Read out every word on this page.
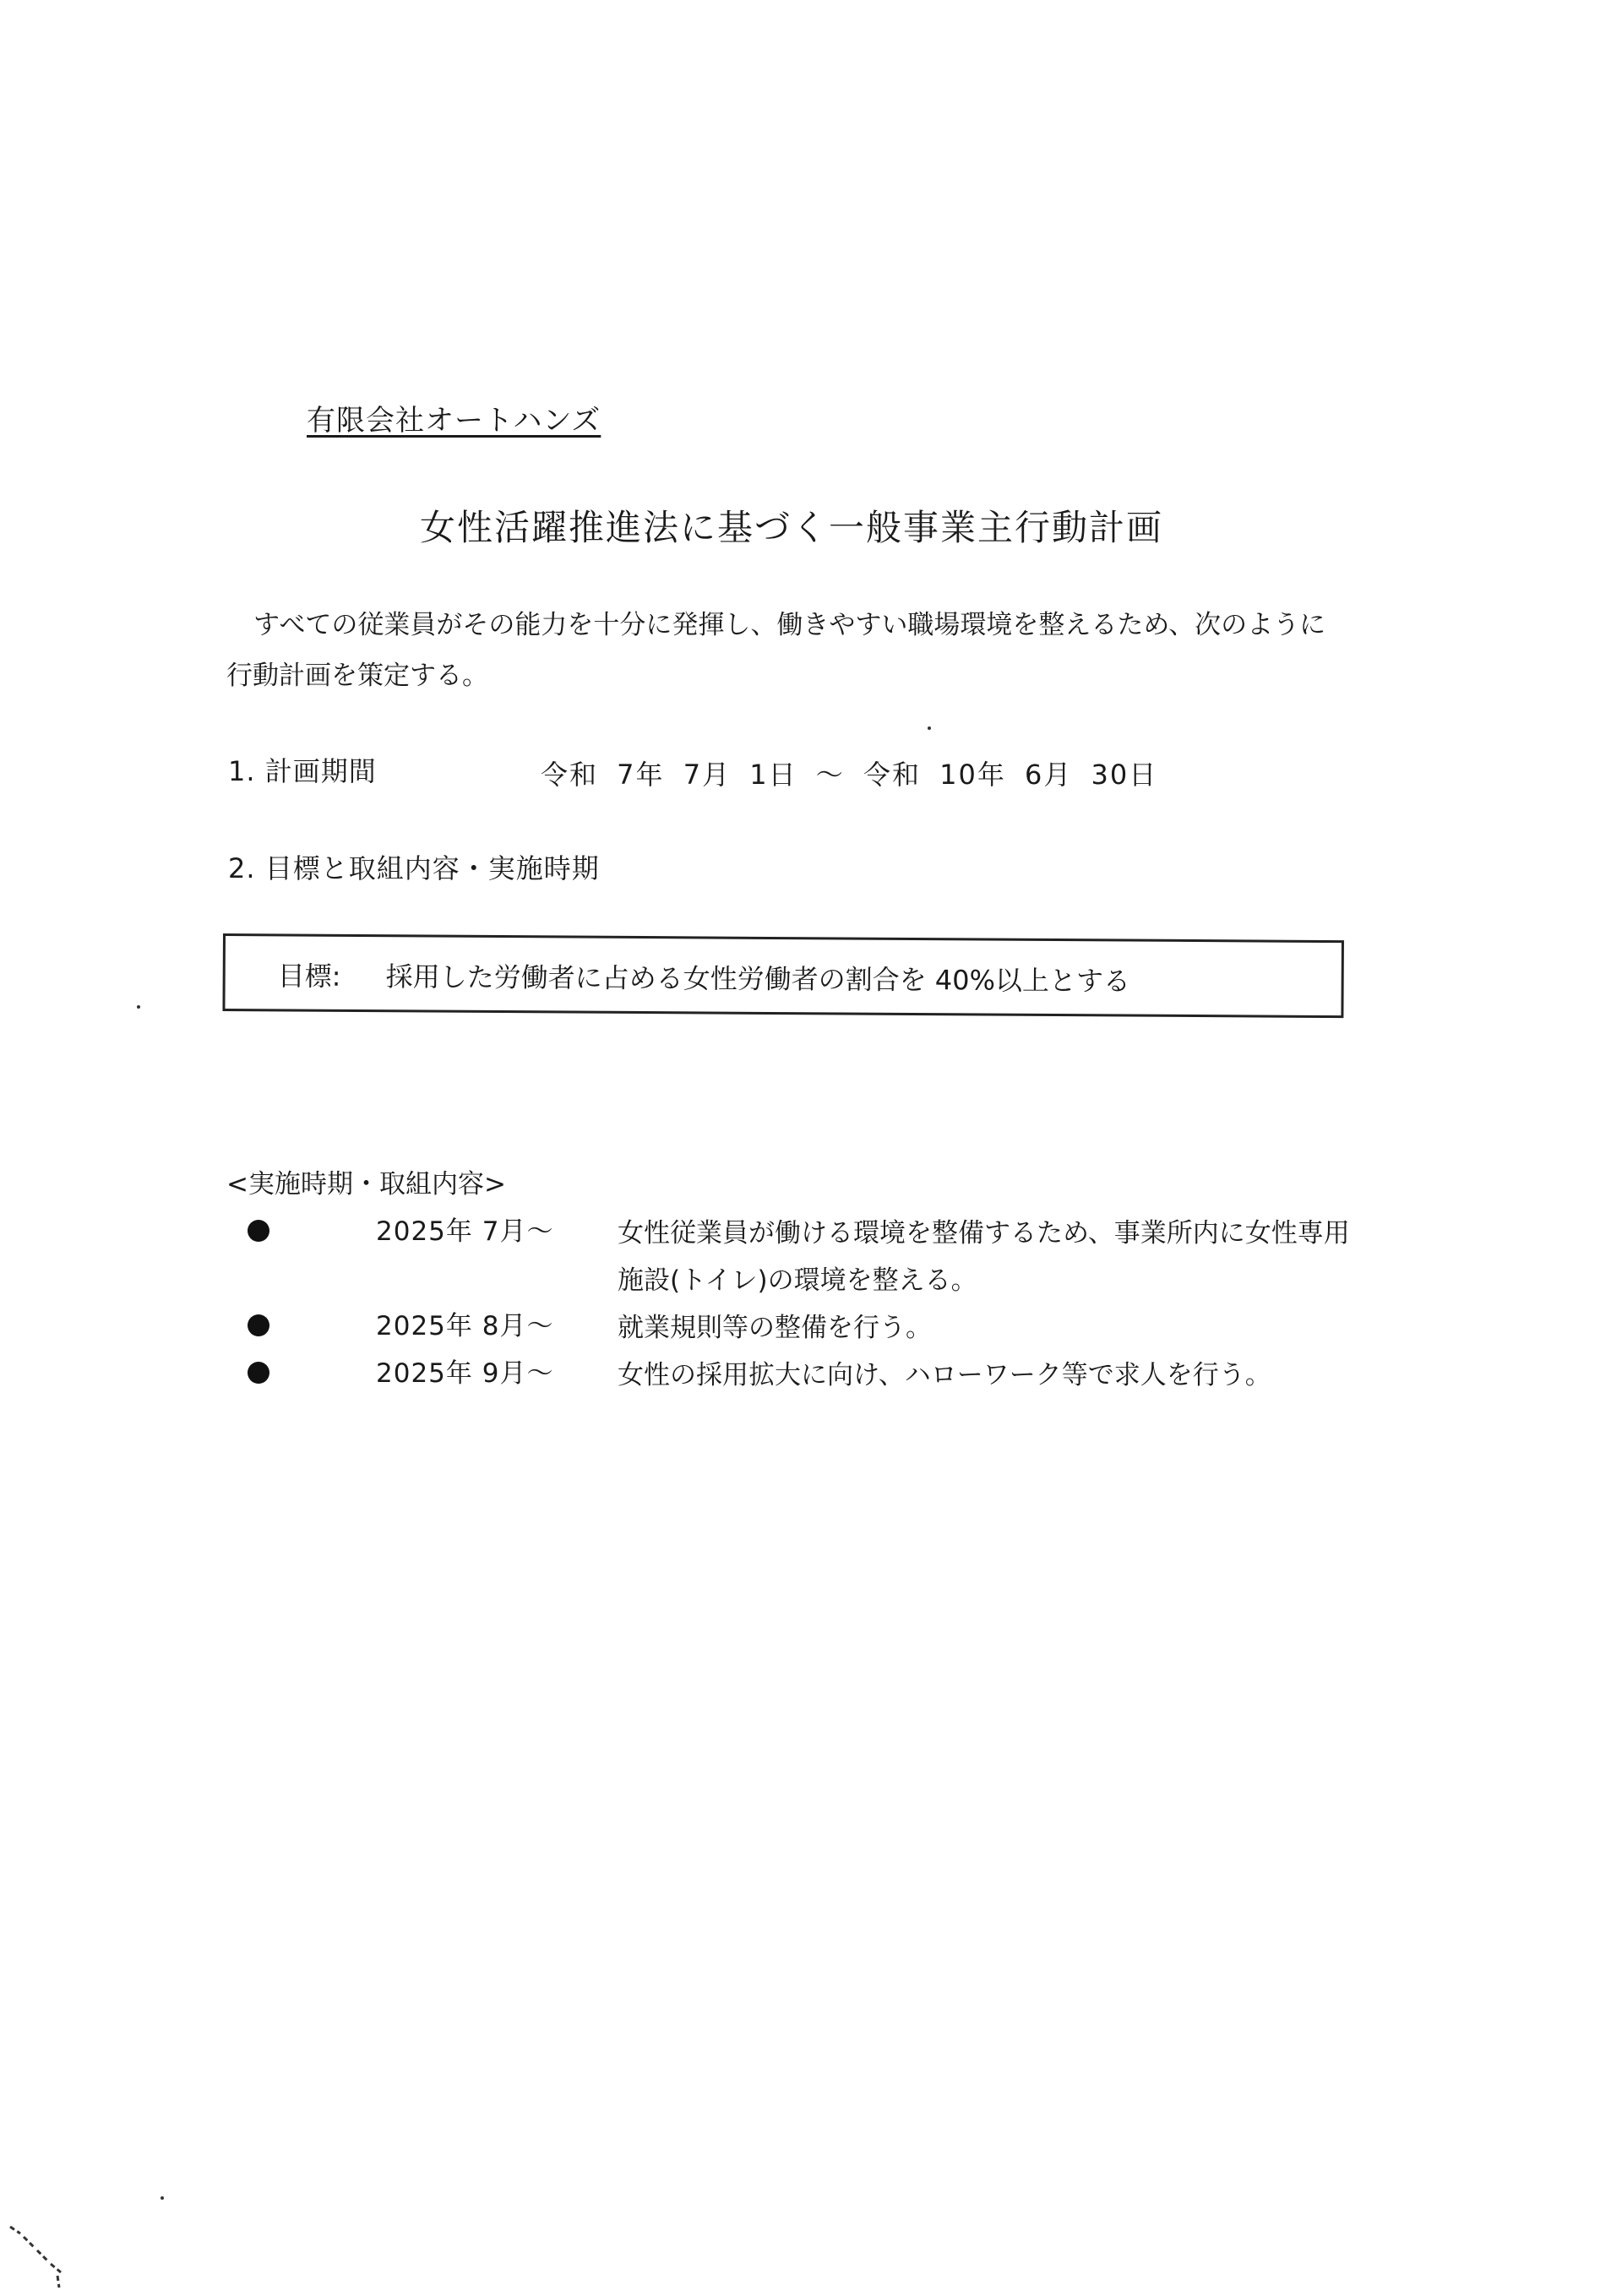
有限会社オートハンズ
女性活躍推進法に基づく一般事業主行動計画
すべての従業員がその能力を十分に発揮し、働きやすい職場環境を整えるため、次のように
行動計画を策定する。
1. 計画期間	令和 7年 7月 1日 ～ 令和 10年 6月 30日
2. 目標と取組内容・実施時期
目標: 採用した労働者に占める女性労働者の割合を 40%以上とする
<実施時期・取組内容>
2025年 7月～ 女性従業員が働ける環境を整備するため、事業所内に女性専用
施設(トイレ)の環境を整える。
2025年 8月～ 就業規則等の整備を行う。
2025年 9月～ 女性の採用拡大に向け、ハローワーク等で求人を行う。
